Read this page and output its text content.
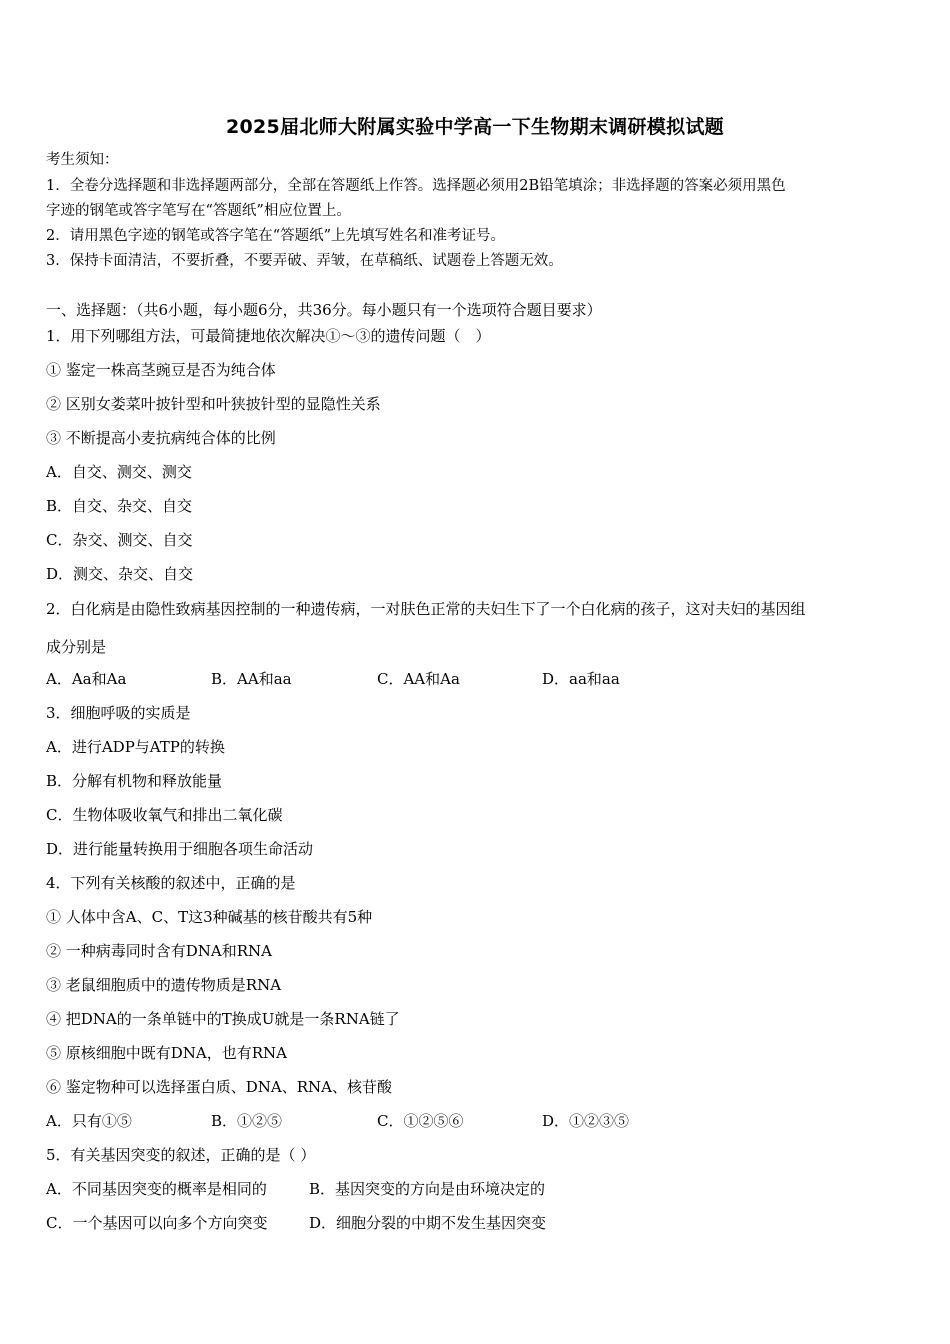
2025届北师大附属实验中学高一下生物期末调研模拟试题
考生须知：
1．全卷分选择题和非选择题两部分，全部在答题纸上作答。选择题必须用2B铅笔填涂；非选择题的答案必须用黑色
字迹的钢笔或答字笔写在“答题纸”相应位置上。
2．请用黑色字迹的钢笔或答字笔在“答题纸”上先填写姓名和准考证号。
3．保持卡面清洁，不要折叠，不要弄破、弄皱，在草稿纸、试题卷上答题无效。
一、选择题：（共6小题，每小题6分，共36分。每小题只有一个选项符合题目要求）
1．用下列哪组方法，可最简捷地依次解决①～③的遗传问题（　）
① 鉴定一株高茎豌豆是否为纯合体
② 区别女娄菜叶披针型和叶狭披针型的显隐性关系
③ 不断提高小麦抗病纯合体的比例
A．自交、测交、测交
B．自交、杂交、自交
C．杂交、测交、自交
D．测交、杂交、自交
2．白化病是由隐性致病基因控制的一种遗传病，一对肤色正常的夫妇生下了一个白化病的孩子，这对夫妇的基因组
成分别是
A．Aa和Aa	B．AA和aa	C．AA和Aa	D．aa和aa
3．细胞呼吸的实质是
A．进行ADP与ATP的转换
B．分解有机物和释放能量
C．生物体吸收氧气和排出二氧化碳
D．进行能量转换用于细胞各项生命活动
4．下列有关核酸的叙述中，正确的是
① 人体中含A、C、T这3种碱基的核苷酸共有5种
② 一种病毒同时含有DNA和RNA
③ 老鼠细胞质中的遗传物质是RNA
④ 把DNA的一条单链中的T换成U就是一条RNA链了
⑤ 原核细胞中既有DNA，也有RNA
⑥ 鉴定物种可以选择蛋白质、DNA、RNA、核苷酸
A．只有①⑤	B．①②⑤	C．①②⑤⑥	D．①②③⑤
5．有关基因突变的叙述，正确的是（ ）
A．不同基因突变的概率是相同的	B．基因突变的方向是由环境决定的
C．一个基因可以向多个方向突变	D．细胞分裂的中期不发生基因突变
